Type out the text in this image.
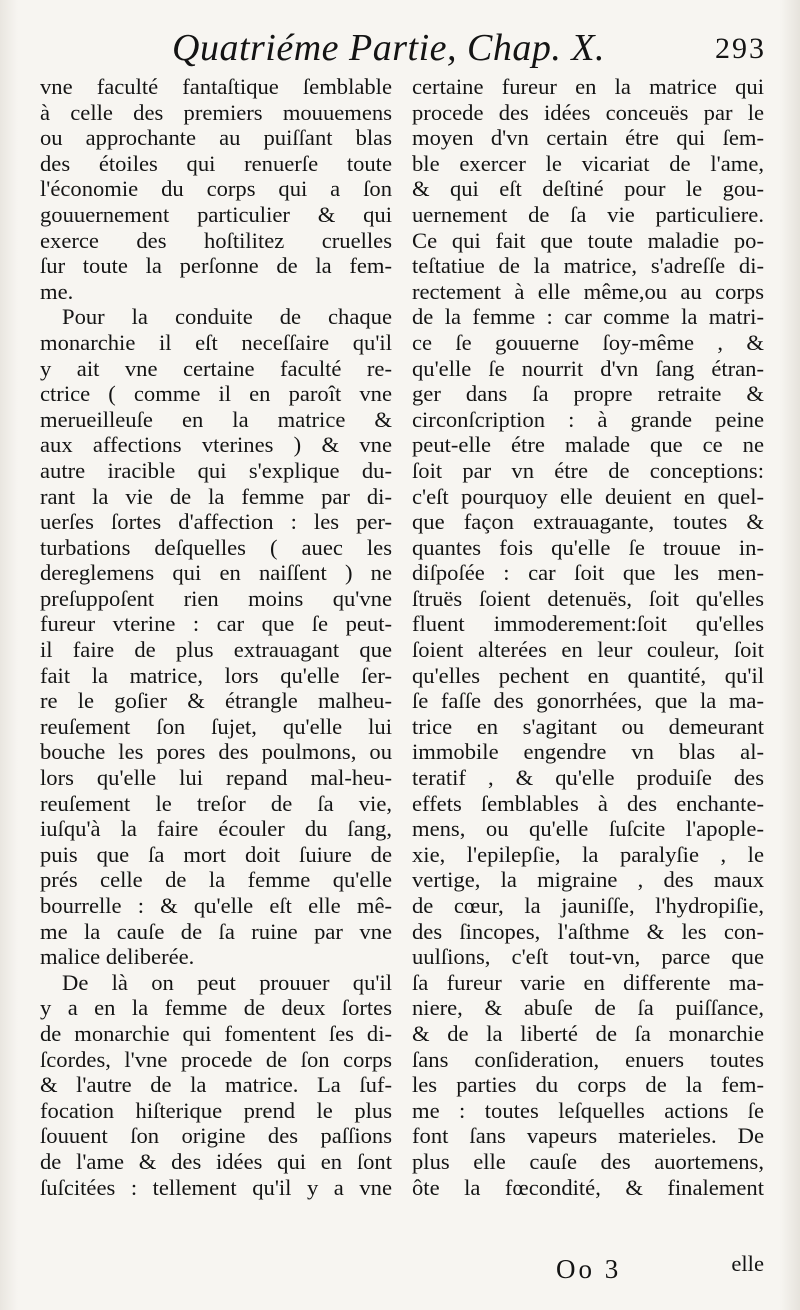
Quatriéme Partie, Chap. X.	293
vne faculté fantaſtique ſemblable
à celle des premiers mouuemens
ou approchante au puiſſant blas
des étoiles qui renuerſe toute
l'économie du corps qui a ſon
gouuernement particulier & qui
exerce des hoſtilitez cruelles
ſur toute la perſonne de la fem-
me.
Pour la conduite de chaque
monarchie il eſt neceſſaire qu'il
y ait vne certaine faculté re-
ctrice ( comme il en paroît vne
merueilleuſe en la matrice &
aux affections vterines ) & vne
autre iracible qui s'explique du-
rant la vie de la femme par di-
uerſes ſortes d'affection : les per-
turbations deſquelles ( auec les
dereglemens qui en naiſſent ) ne
preſuppoſent rien moins qu'vne
fureur vterine : car que ſe peut-
il faire de plus extrauagant que
fait la matrice, lors qu'elle ſer-
re le goſier & étrangle malheu-
reuſement ſon ſujet, qu'elle lui
bouche les pores des poulmons, ou
lors qu'elle lui repand mal-heu-
reuſement le treſor de ſa vie,
iuſqu'à la faire écouler du ſang,
puis que ſa mort doit ſuiure de
prés celle de la femme qu'elle
bourrelle : & qu'elle eſt elle mê-
me la cauſe de ſa ruine par vne
malice deliberée.
De là on peut prouuer qu'il
y a en la femme de deux ſortes
de monarchie qui fomentent ſes di-
ſcordes, l'vne procede de ſon corps
& l'autre de la matrice. La ſuf-
focation hiſterique prend le plus
ſouuent ſon origine des paſſions
de l'ame & des idées qui en ſont
ſuſcitées : tellement qu'il y a vne
certaine fureur en la matrice qui
procede des idées conceuës par le
moyen d'vn certain étre qui ſem-
ble exercer le vicariat de l'ame,
& qui eſt deſtiné pour le gou-
uernement de ſa vie particuliere.
Ce qui fait que toute maladie po-
teſtatiue de la matrice, s'adreſſe di-
rectement à elle même,ou au corps
de la femme : car comme la matri-
ce ſe gouuerne ſoy-même , &
qu'elle ſe nourrit d'vn ſang étran-
ger dans ſa propre retraite &
circonſcription : à grande peine
peut-elle étre malade que ce ne
ſoit par vn étre de conceptions:
c'eſt pourquoy elle deuient en quel-
que façon extrauagante, toutes &
quantes fois qu'elle ſe trouue in-
diſpoſée : car ſoit que les men-
ſtruës ſoient detenuës, ſoit qu'elles
fluent immoderement:ſoit qu'elles
ſoient alterées en leur couleur, ſoit
qu'elles pechent en quantité, qu'il
ſe faſſe des gonorrhées, que la ma-
trice en s'agitant ou demeurant
immobile engendre vn blas al-
teratif , & qu'elle produiſe des
effets ſemblables à des enchante-
mens, ou qu'elle ſuſcite l'apople-
xie, l'epilepſie, la paralyſie , le
vertige, la migraine , des maux
de cœur, la jauniſſe, l'hydropiſie,
des ſincopes, l'aſthme & les con-
uulſions, c'eſt tout-vn, parce que
ſa fureur varie en differente ma-
niere, & abuſe de ſa puiſſance,
& de la liberté de ſa monarchie
ſans conſideration, enuers toutes
les parties du corps de la fem-
me : toutes leſquelles actions ſe
font ſans vapeurs materieles. De
plus elle cauſe des auortemens,
ôte la fœcondité, & finalement
Oo 3	elle
